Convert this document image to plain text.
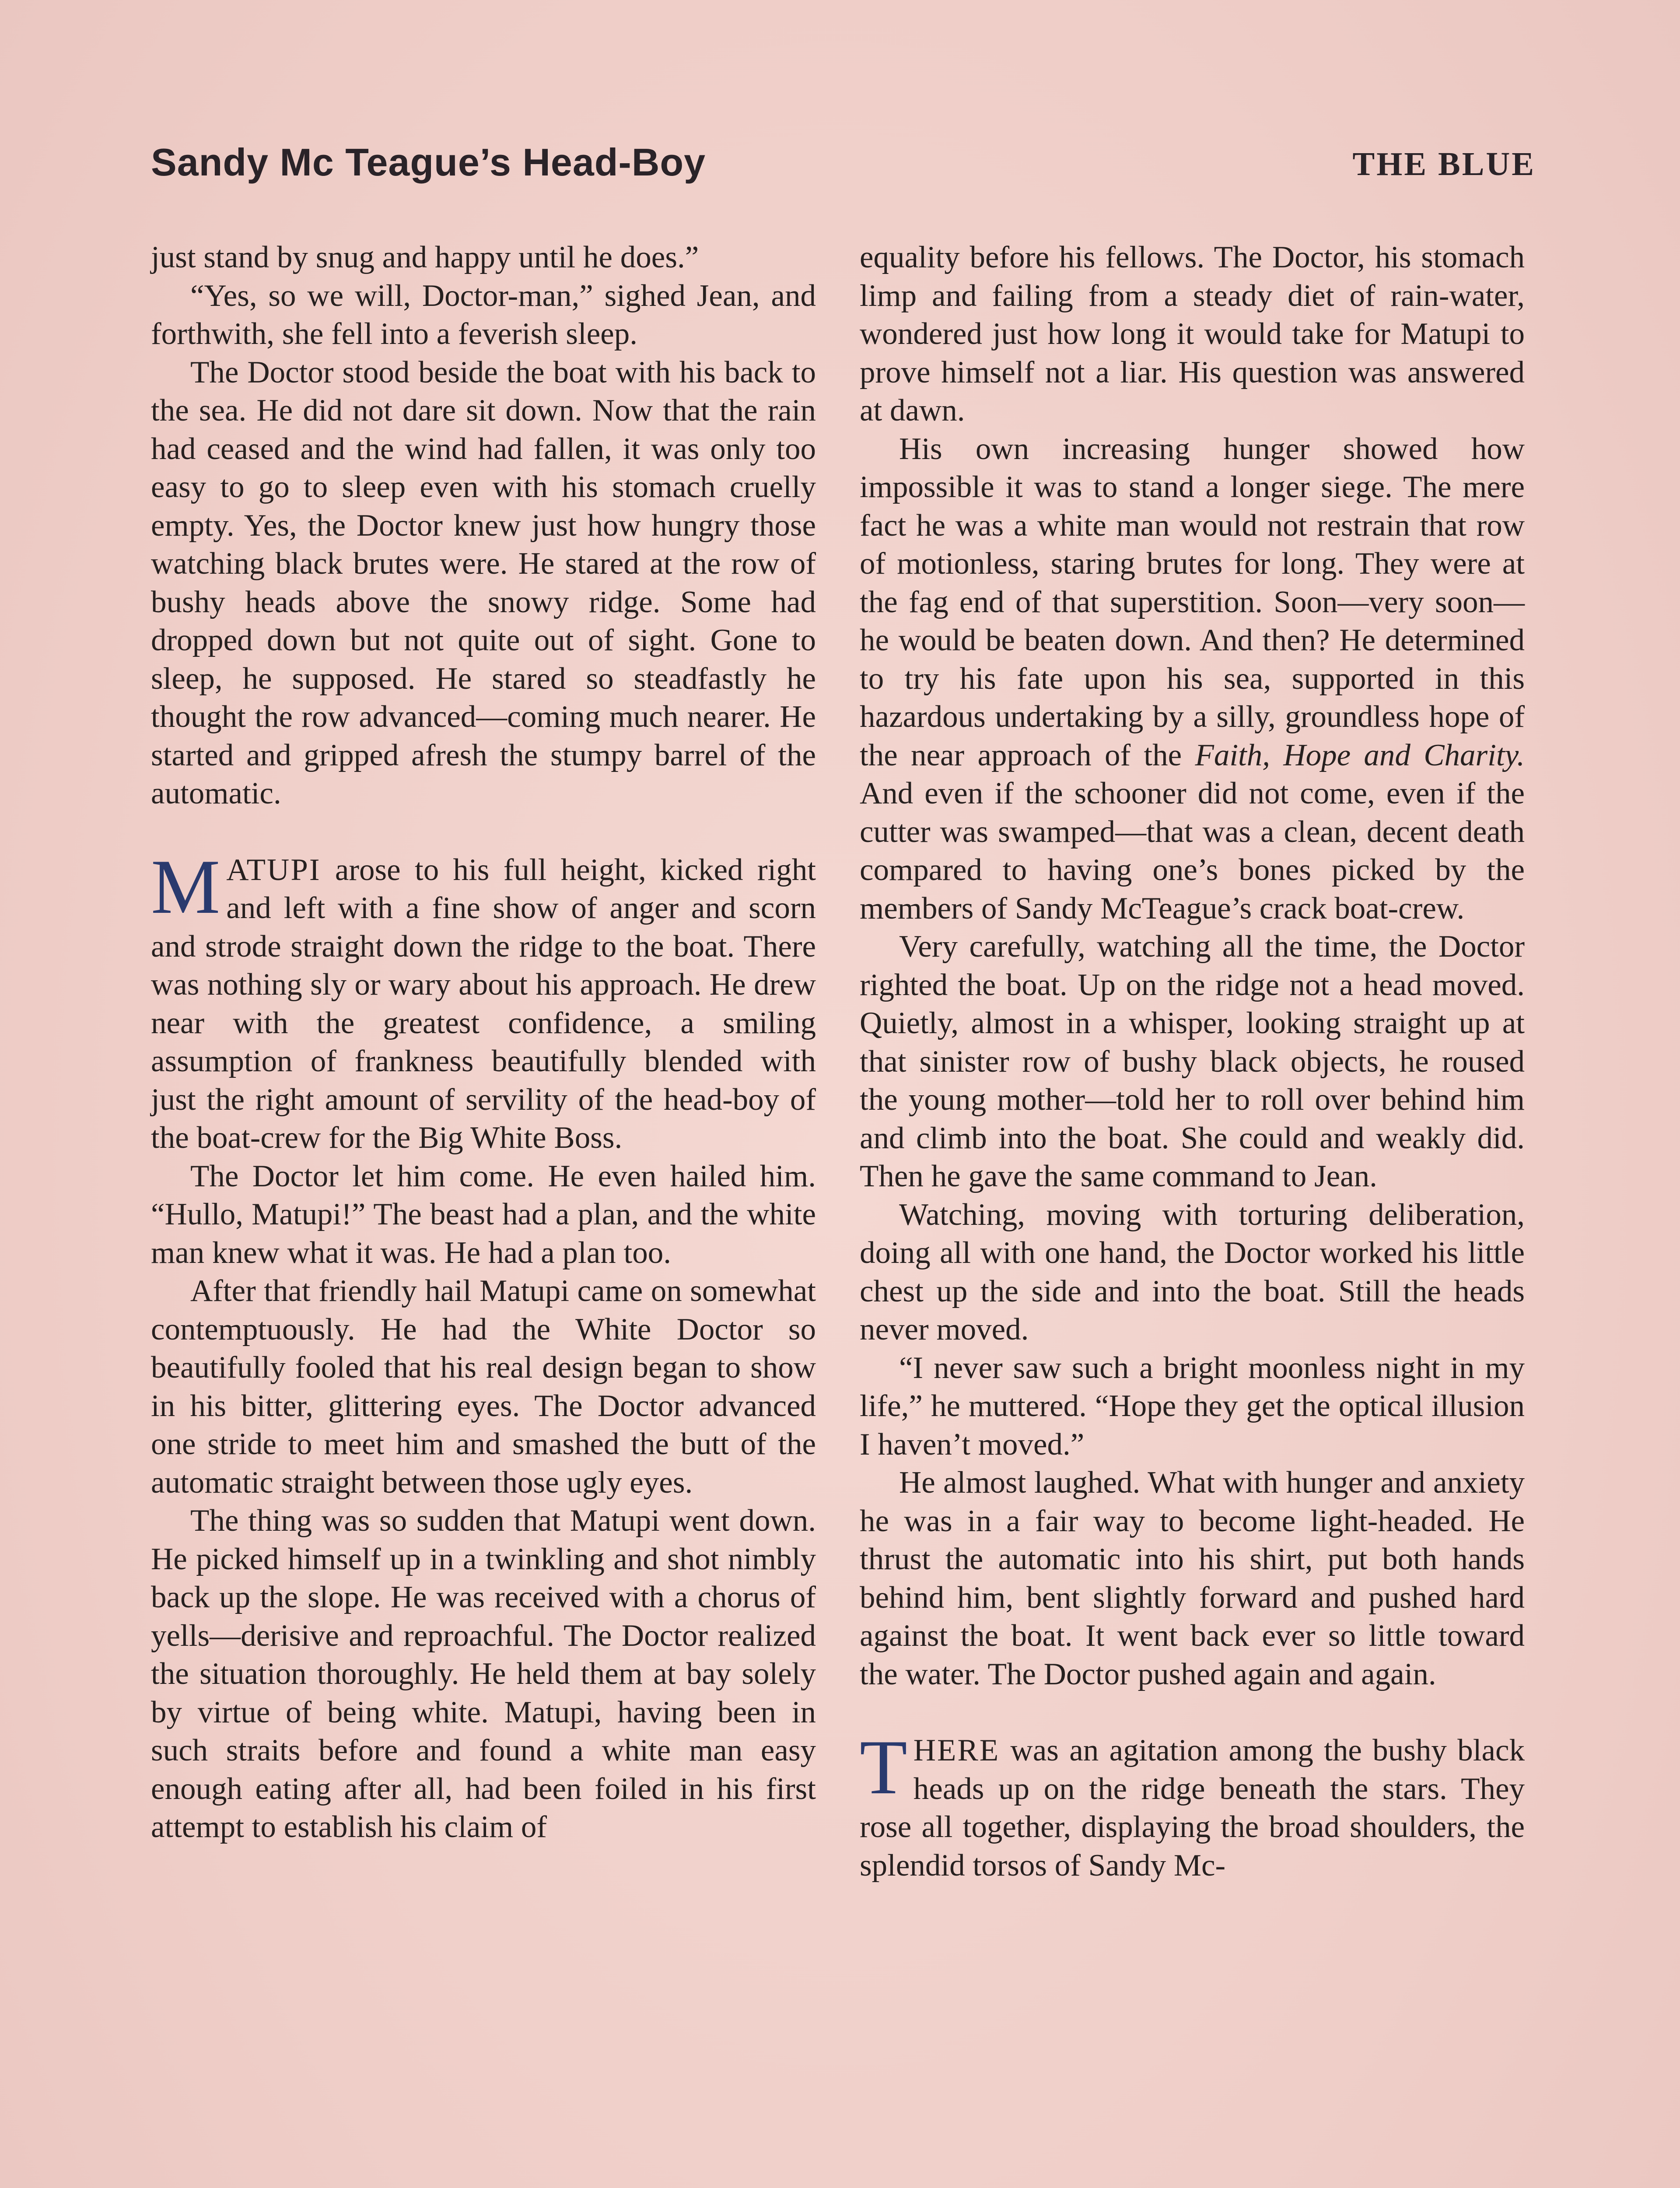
Sandy Mc Teague’s Head-Boy	THE BLUE

just stand by snug and happy until he does.”

“Yes, so we will, Doctor-man,” sighed Jean, and forthwith, she fell into a feverish sleep.

The Doctor stood beside the boat with his back to the sea. He did not dare sit down. Now that the rain had ceased and the wind had fallen, it was only too easy to go to sleep even with his stomach cruelly empty. Yes, the Doctor knew just how hungry those watching black brutes were. He stared at the row of bushy heads above the snowy ridge. Some had dropped down but not quite out of sight. Gone to sleep, he supposed. He stared so steadfastly he thought the row advanced—coming much nearer. He started and gripped afresh the stumpy barrel of the automatic.

MATUPI arose to his full height, kicked right and left with a fine show of anger and scorn and strode straight down the ridge to the boat. There was nothing sly or wary about his approach. He drew near with the greatest confidence, a smiling assumption of frankness beautifully blended with just the right amount of servility of the head-boy of the boat-crew for the Big White Boss.

The Doctor let him come. He even hailed him. “Hullo, Matupi!” The beast had a plan, and the white man knew what it was. He had a plan too.

After that friendly hail Matupi came on somewhat contemptuously. He had the White Doctor so beautifully fooled that his real design began to show in his bitter, glittering eyes. The Doctor advanced one stride to meet him and smashed the butt of the automatic straight between those ugly eyes.

The thing was so sudden that Matupi went down. He picked himself up in a twinkling and shot nimbly back up the slope. He was received with a chorus of yells—derisive and reproachful. The Doctor realized the situation thoroughly. He held them at bay solely by virtue of being white. Matupi, having been in such straits before and found a white man easy enough eating after all, had been foiled in his first attempt to establish his claim of

equality before his fellows. The Doctor, his stomach limp and failing from a steady diet of rain-water, wondered just how long it would take for Matupi to prove himself not a liar. His question was answered at dawn.

His own increasing hunger showed how impossible it was to stand a longer siege. The mere fact he was a white man would not restrain that row of motionless, staring brutes for long. They were at the fag end of that superstition. Soon—very soon—he would be beaten down. And then? He determined to try his fate upon his sea, supported in this hazardous undertaking by a silly, groundless hope of the near approach of the Faith, Hope and Charity. And even if the schooner did not come, even if the cutter was swamped—that was a clean, decent death compared to having one’s bones picked by the members of Sandy McTeague’s crack boat-crew.

Very carefully, watching all the time, the Doctor righted the boat. Up on the ridge not a head moved. Quietly, almost in a whisper, looking straight up at that sinister row of bushy black objects, he roused the young mother—told her to roll over behind him and climb into the boat. She could and weakly did. Then he gave the same command to Jean.

Watching, moving with torturing deliberation, doing all with one hand, the Doctor worked his little chest up the side and into the boat. Still the heads never moved.

“I never saw such a bright moonless night in my life,” he muttered. “Hope they get the optical illusion I haven’t moved.”

He almost laughed. What with hunger and anxiety he was in a fair way to become light-headed. He thrust the automatic into his shirt, put both hands behind him, bent slightly forward and pushed hard against the boat. It went back ever so little toward the water. The Doctor pushed again and again.

THERE was an agitation among the bushy black heads up on the ridge beneath the stars. They rose all together, displaying the broad shoulders, the splendid torsos of Sandy Mc-
